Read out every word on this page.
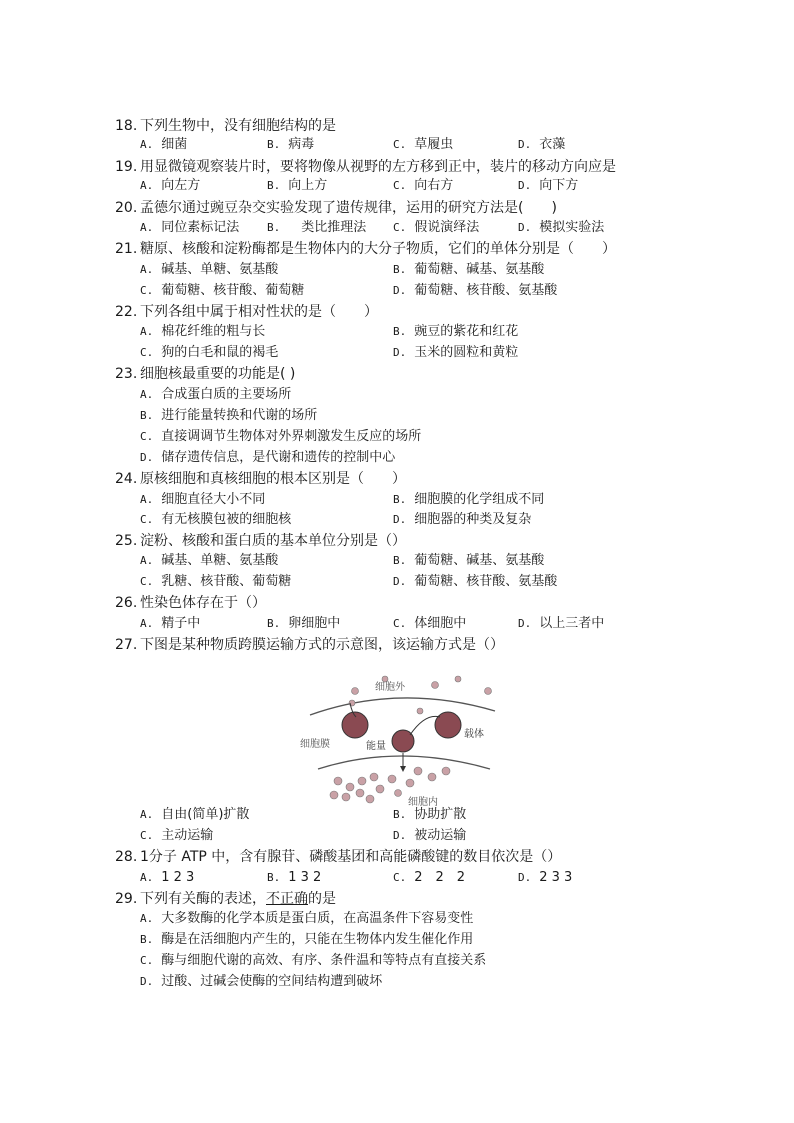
18. 下列生物中，没有细胞结构的是
A. 细菌	B. 病毒	C. 草履虫	D. 衣藻
19. 用显微镜观察装片时，要将物像从视野的左方移到正中，装片的移动方向应是
A. 向左方	B. 向上方	C. 向右方	D. 向下方
20. 孟德尔通过豌豆杂交实验发现了遗传规律，运用的研究方法是(　　)
A. 同位素标记法	B.　类比推理法 C. 假说演绎法	D. 模拟实验法
21. 糖原、核酸和淀粉酶都是生物体内的大分子物质，它们的单体分别是（　　）
A. 碱基、单糖、氨基酸	B. 葡萄糖、碱基、氨基酸
C. 葡萄糖、核苷酸、葡萄糖	D. 葡萄糖、核苷酸、氨基酸
22. 下列各组中属于相对性状的是（　　）
A. 棉花纤维的粗与长	B. 豌豆的紫花和红花
C. 狗的白毛和鼠的褐毛	D. 玉米的圆粒和黄粒
23. 细胞核最重要的功能是( )
A. 合成蛋白质的主要场所
B. 进行能量转换和代谢的场所
C. 直接调调节生物体对外界刺激发生反应的场所
D. 储存遗传信息，是代谢和遗传的控制中心
24. 原核细胞和真核细胞的根本区别是（　　）
A. 细胞直径大小不同	B. 细胞膜的化学组成不同
C. 有无核膜包被的细胞核	D. 细胞器的种类及复杂
25. 淀粉、核酸和蛋白质的基本单位分别是（）
A. 碱基、单糖、氨基酸	B. 葡萄糖、碱基、氨基酸
C. 乳糖、核苷酸、葡萄糖	D. 葡萄糖、核苷酸、氨基酸
26. 性染色体存在于（）
A. 精子中	B. 卵细胞中	C. 体细胞中	D. 以上三者中
27. 下图是某种物质跨膜运输方式的示意图，该运输方式是（）
细胞外
细胞膜	能量
载体
细胞内
A. 自由(简单)扩散	B. 协助扩散
C. 主动运输	D. 被动运输
28. 1分子 ATP 中，含有腺苷、磷酸基团和高能磷酸键的数目依次是（）
A. 1 2 3	B. 1 3 2	C. 2　2　2	D. 2 3 3
29. 下列有关酶的表述，不正确的是
A. 大多数酶的化学本质是蛋白质，在高温条件下容易变性
B. 酶是在活细胞内产生的，只能在生物体内发生催化作用
C. 酶与细胞代谢的高效、有序、条件温和等特点有直接关系
D. 过酸、过碱会使酶的空间结构遭到破坏
